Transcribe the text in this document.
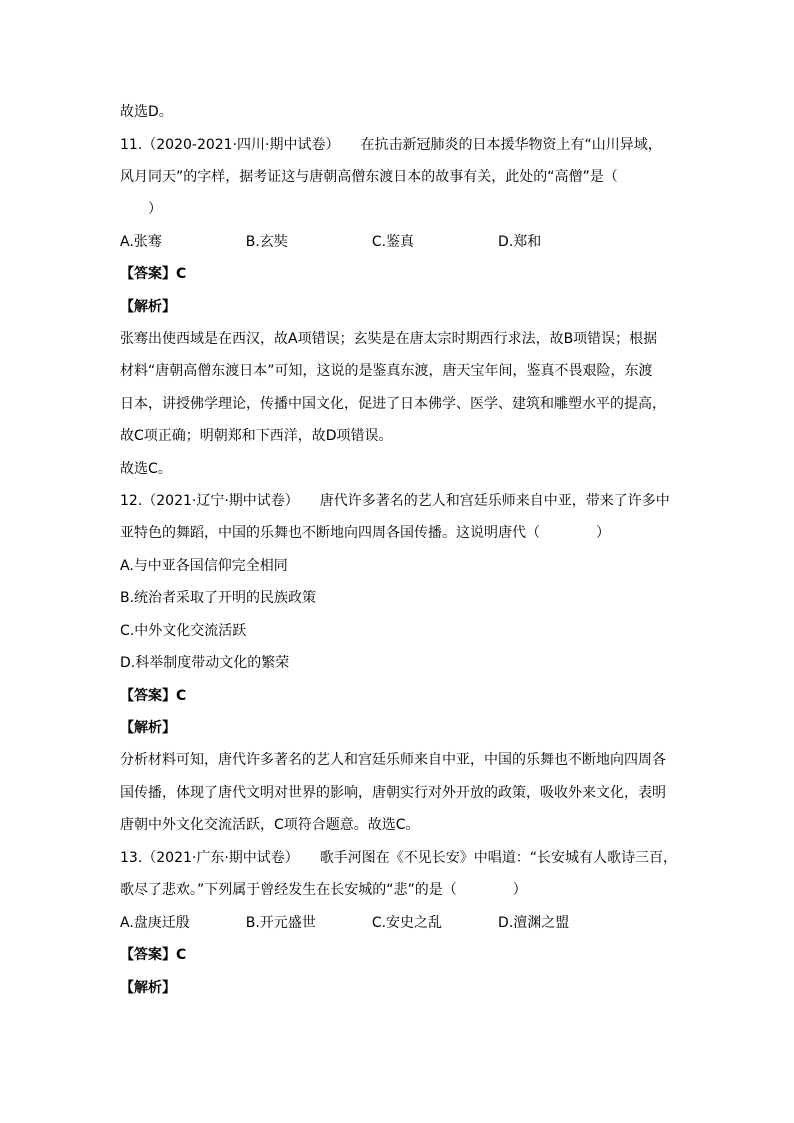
故选D。
11.（2020-2021·四川·期中试卷）　　在抗击新冠肺炎的日本援华物资上有“山川异域，
风月同天”的字样，据考证这与唐朝高僧东渡日本的故事有关，此处的“高僧”是（
　　）
A.张骞　　　　　　B.玄奘　　　　　　C.鉴真　　　　　　D.郑和
【答案】C
【解析】
张骞出使西域是在西汉，故A项错误；玄奘是在唐太宗时期西行求法，故B项错误；根据
材料“唐朝高僧东渡日本”可知，这说的是鉴真东渡，唐天宝年间，鉴真不畏艰险，东渡
日本，讲授佛学理论，传播中国文化，促进了日本佛学、医学、建筑和雕塑水平的提高，
故C项正确；明朝郑和下西洋，故D项错误。
故选C。
12.（2021·辽宁·期中试卷）　　唐代许多著名的艺人和宫廷乐师来自中亚，带来了许多中
亚特色的舞蹈，中国的乐舞也不断地向四周各国传播。这说明唐代（　　　　）
A.与中亚各国信仰完全相同
B.统治者采取了开明的民族政策
C.中外文化交流活跃
D.科举制度带动文化的繁荣
【答案】C
【解析】
分析材料可知，唐代许多著名的艺人和宫廷乐师来自中亚，中国的乐舞也不断地向四周各
国传播，体现了唐代文明对世界的影响，唐朝实行对外开放的政策，吸收外来文化，表明
唐朝中外文化交流活跃，C项符合题意。故选C。
13.（2021·广东·期中试卷）　　歌手河图在《不见长安》中唱道：“长安城有人歌诗三百，
歌尽了悲欢。”下列属于曾经发生在长安城的“悲”的是（　　　　）
A.盘庚迁殷　　　　B.开元盛世　　　　C.安史之乱　　　　D.澶渊之盟
【答案】C
【解析】
